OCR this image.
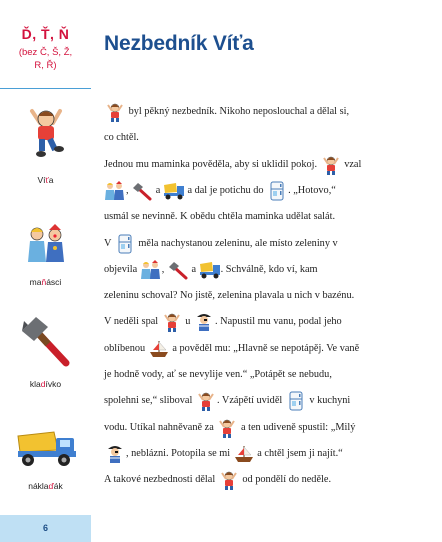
Ď, Ť, Ň
(bez Č, Š, Ž,
R, Ř)
Víťa
maňásci
kladívko
náklaďák
6
Nezbedník Víťa
byl pěkný nezbedník. Nikoho neposlouchal a dělal si,
co chtěl.
Jednou mu maminka pověděla, aby si uklidil pokoj.
vzal
,
a
a dal je potichu do
. „Hotovo,“
usmál se nevinně. K obědu chtěla maminka udělat salát.
V
měla nachystanou zeleninu, ale místo zeleniny v
objevila
,
a
. Schválně, kdo ví, kam
zeleninu schoval? No jistě, zelenina plavala u nich v bazénu.
V neděli spal
u
. Napustil mu vanu, podal jeho
oblíbenou
a pověděl mu: „Hlavně se nepotápěj. Ve vaně
je hodně vody, ať se nevylije ven.“ „Potápět se nebudu,
spolehni se,“ sliboval
. Vzápětí uviděl
v kuchyni
vodu. Utíkal nahněvaně za
a ten udiveně spustil: „Milý
, neblázni. Potopila se mi
a chtěl jsem ji najít.“
A takové nezbednosti dělal
od pondělí do neděle.
